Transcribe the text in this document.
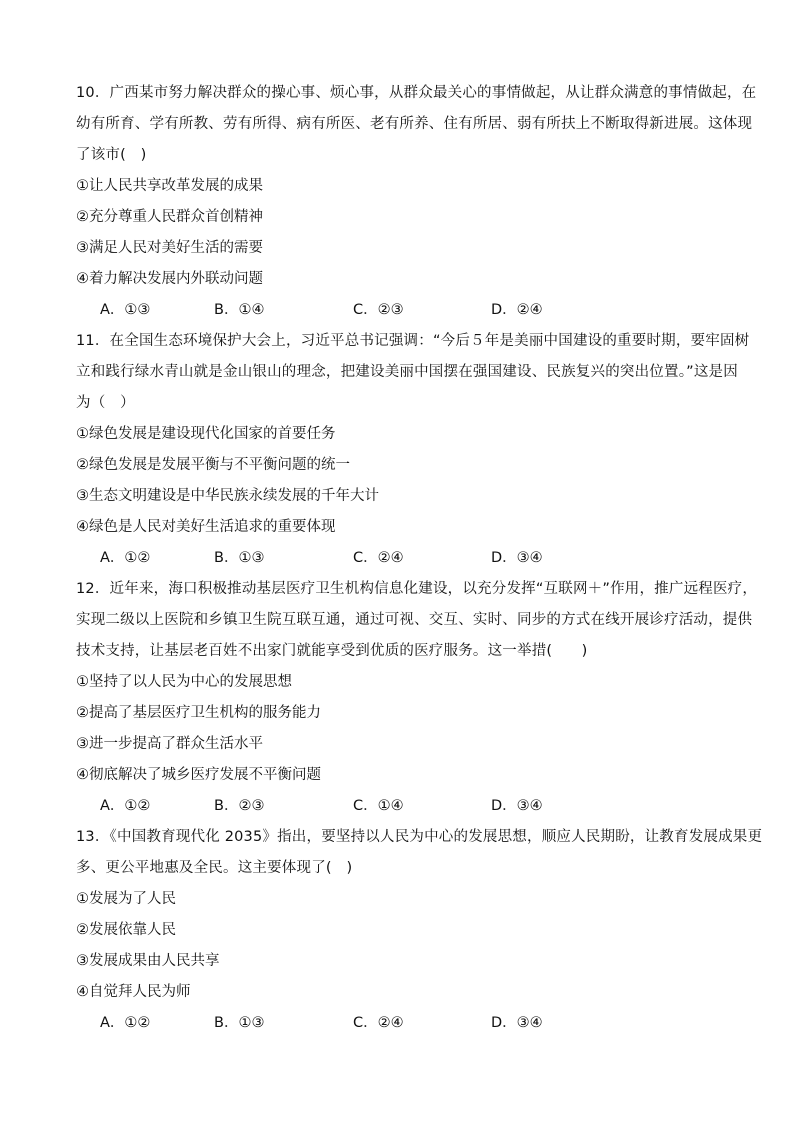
10．广西某市努力解决群众的操心事、烦心事，从群众最关心的事情做起，从让群众满意的事情做起，在
幼有所育、学有所教、劳有所得、病有所医、老有所养、住有所居、弱有所扶上不断取得新进展。这体现
了该市(　)
①让人民共享改革发展的成果
②充分尊重人民群众首创精神
③满足人民对美好生活的需要
④着力解决发展内外联动问题
A．①③	B．①④	C．②③	D．②④
11．在全国生态环境保护大会上，习近平总书记强调：“今后５年是美丽中国建设的重要时期，要牢固树
立和践行绿水青山就是金山银山的理念，把建设美丽中国摆在强国建设、民族复兴的突出位置。”这是因
为（　）
①绿色发展是建设现代化国家的首要任务
②绿色发展是发展平衡与不平衡问题的统一
③生态文明建设是中华民族永续发展的千年大计
④绿色是人民对美好生活追求的重要体现
A．①②	B．①③	C．②④	D．③④
12．近年来，海口积极推动基层医疗卫生机构信息化建设，以充分发挥“互联网＋”作用，推广远程医疗，
实现二级以上医院和乡镇卫生院互联互通，通过可视、交互、实时、同步的方式在线开展诊疗活动，提供
技术支持，让基层老百姓不出家门就能享受到优质的医疗服务。这一举措(　　)
①坚持了以人民为中心的发展思想
②提高了基层医疗卫生机构的服务能力
③进一步提高了群众生活水平
④彻底解决了城乡医疗发展不平衡问题
A．①②	B．②③	C．①④	D．③④
13．《中国教育现代化 2035》指出，要坚持以人民为中心的发展思想，顺应人民期盼，让教育发展成果更
多、更公平地惠及全民。这主要体现了(　)
①发展为了人民
②发展依靠人民
③发展成果由人民共享
④自觉拜人民为师
A．①②	B．①③	C．②④	D．③④
